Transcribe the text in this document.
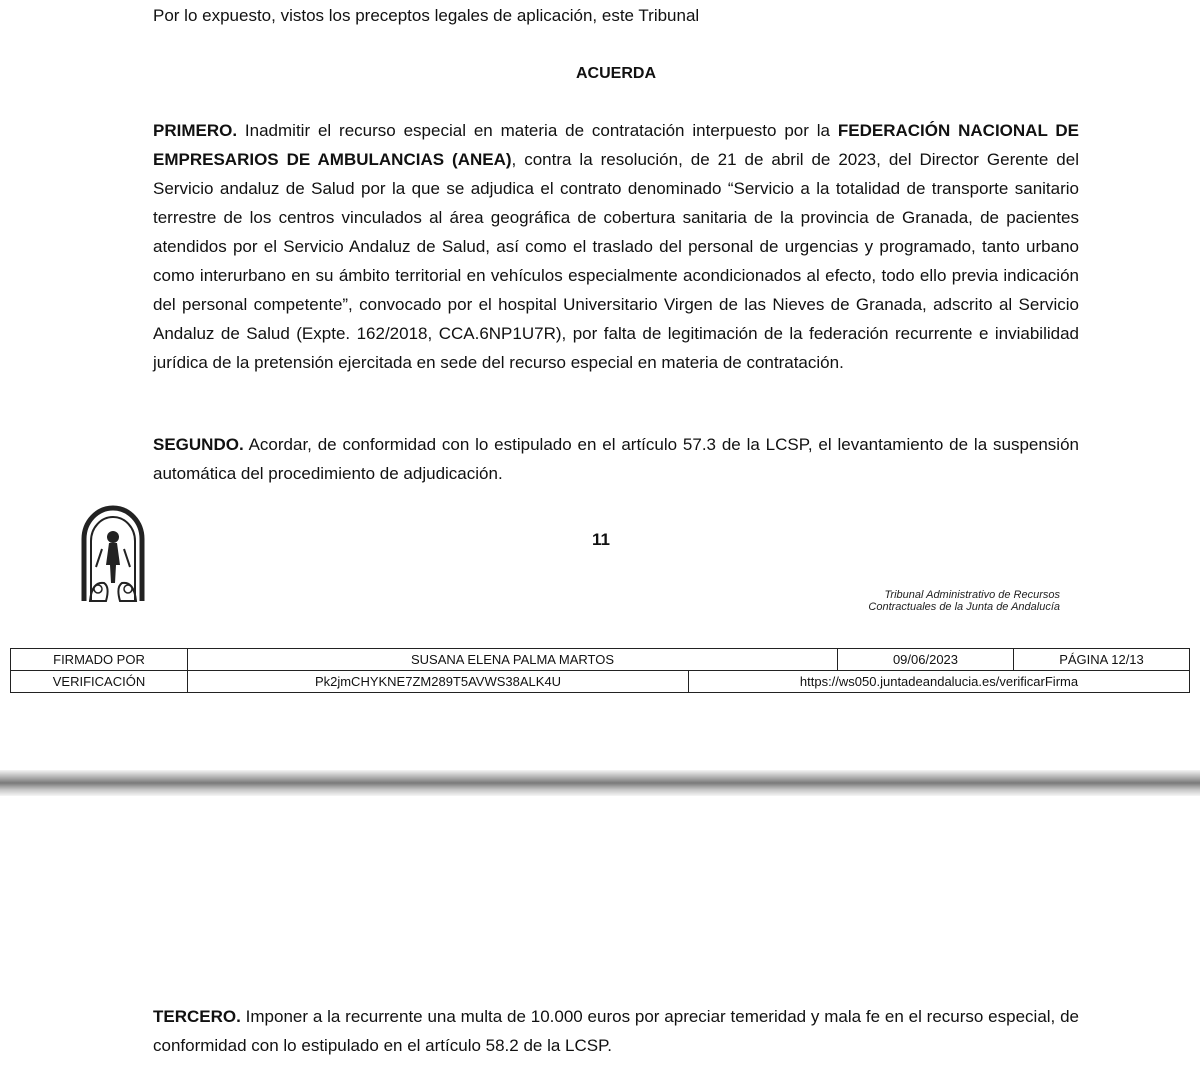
Por lo expuesto, vistos los preceptos legales de aplicación, este Tribunal
ACUERDA

PRIMERO. Inadmitir el recurso especial en materia de contratación interpuesto por la FEDERACIÓN NACIONAL DE EMPRESARIOS DE AMBULANCIAS (ANEA), contra la resolución, de 21 de abril de 2023, del Director Gerente del Servicio andaluz de Salud por la que se adjudica el contrato denominado “Servicio a la totalidad de transporte sanitario terrestre de los centros vinculados al área geográfica de cobertura sanitaria de la provincia de Granada, de pacientes atendidos por el Servicio Andaluz de Salud, así como el traslado del personal de urgencias y programado, tanto urbano como interurbano en su ámbito territorial en vehículos especialmente acondicionados al efecto, todo ello previa indicación del personal competente”, convocado por el hospital Universitario Virgen de las Nieves de Granada, adscrito al Servicio Andaluz de Salud (Expte. 162/2018, CCA.6NP1U7R), por falta de legitimación de la federación recurrente e inviabilidad jurídica de la pretensión ejercitada en sede del recurso especial en materia de contratación.

SEGUNDO. Acordar, de conformidad con lo estipulado en el artículo 57.3 de la LCSP, el levantamiento de la suspensión automática del procedimiento de adjudicación.

11
Tribunal Administrativo de Recursos
Contractuales de la Junta de Andalucía
FIRMADO POR	SUSANA ELENA PALMA MARTOS		09/06/2023	PÁGINA 12/13
VERIFICACIÓN	Pk2jmCHYKNE7ZM289T5AVWS38ALK4U	https://ws050.juntadeandalucia.es/verificarFirma		

TERCERO. Imponer a la recurrente una multa de 10.000 euros por apreciar temeridad y mala fe en el recurso especial, de conformidad con lo estipulado en el artículo 58.2 de la LCSP.
